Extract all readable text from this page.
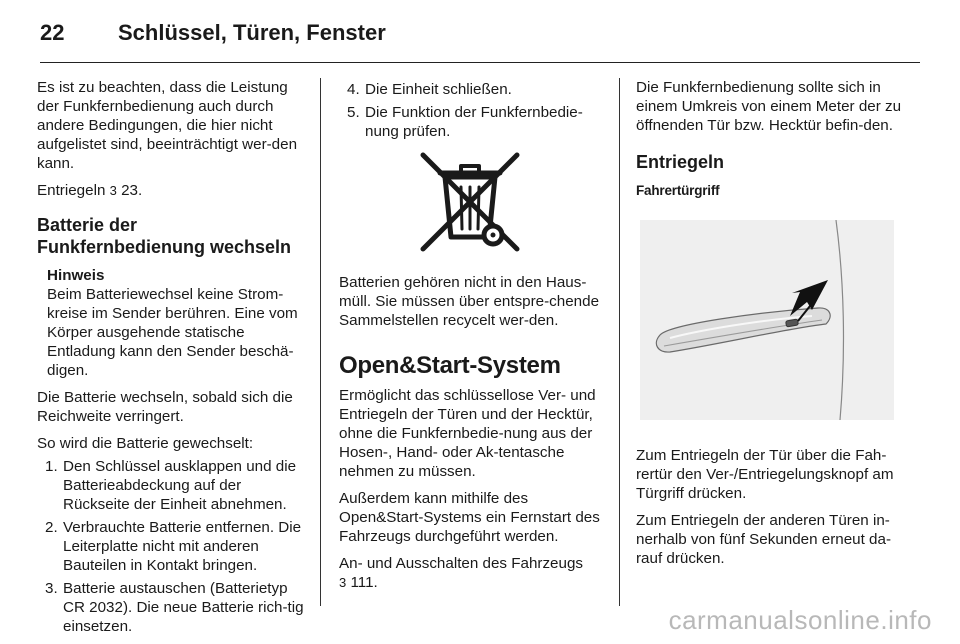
22 Schlüssel, Türen, Fenster

Es ist zu beachten, dass die Leistung der Funkfernbedienung auch durch andere Bedingungen, die hier nicht aufgelistet sind, beeinträchtigt wer-den kann.

Entriegeln 3 23.

Batterie der Funkfernbedienung wechseln
Hinweis
Beim Batteriewechsel keine Strom-kreise im Sender berühren. Eine vom Körper ausgehende statische Entladung kann den Sender beschä-digen.

Die Batterie wechseln, sobald sich die Reichweite verringert.

So wird die Batterie gewechselt:

1. Den Schlüssel ausklappen und die Batterieabdeckung auf der Rückseite der Einheit abnehmen.
2. Verbrauchte Batterie entfernen. Die Leiterplatte nicht mit anderen Bauteilen in Kontakt bringen.
3. Batterie austauschen (Batterietyp CR 2032). Die neue Batterie rich-tig einsetzen.
4. Die Einheit schließen.
5. Die Funktion der Funkfernbedie-nung prüfen.

Batterien gehören nicht in den Haus-müll. Sie müssen über entspre-chende Sammelstellen recycelt wer-den.

Open&Start-System

Ermöglicht das schlüssellose Ver- und Entriegeln der Türen und der Hecktür, ohne die Funkfernbedie-nung aus der Hosen-, Hand- oder Ak-tentasche nehmen zu müssen.

Außerdem kann mithilfe des Open&Start-Systems ein Fernstart des Fahrzeugs durchgeführt werden.

An- und Ausschalten des Fahrzeugs
3 111.

Die Funkfernbedienung sollte sich in einem Umkreis von einem Meter der zu öffnenden Tür bzw. Hecktür befin-den.

Entriegeln
Fahrertürgriff

Zum Entriegeln der Tür über die Fah-rertür den Ver-/Entriegelungsknopf am Türgriff drücken.

Zum Entriegeln der anderen Türen in-nerhalb von fünf Sekunden erneut da-rauf drücken.

carmanualsonline.info
